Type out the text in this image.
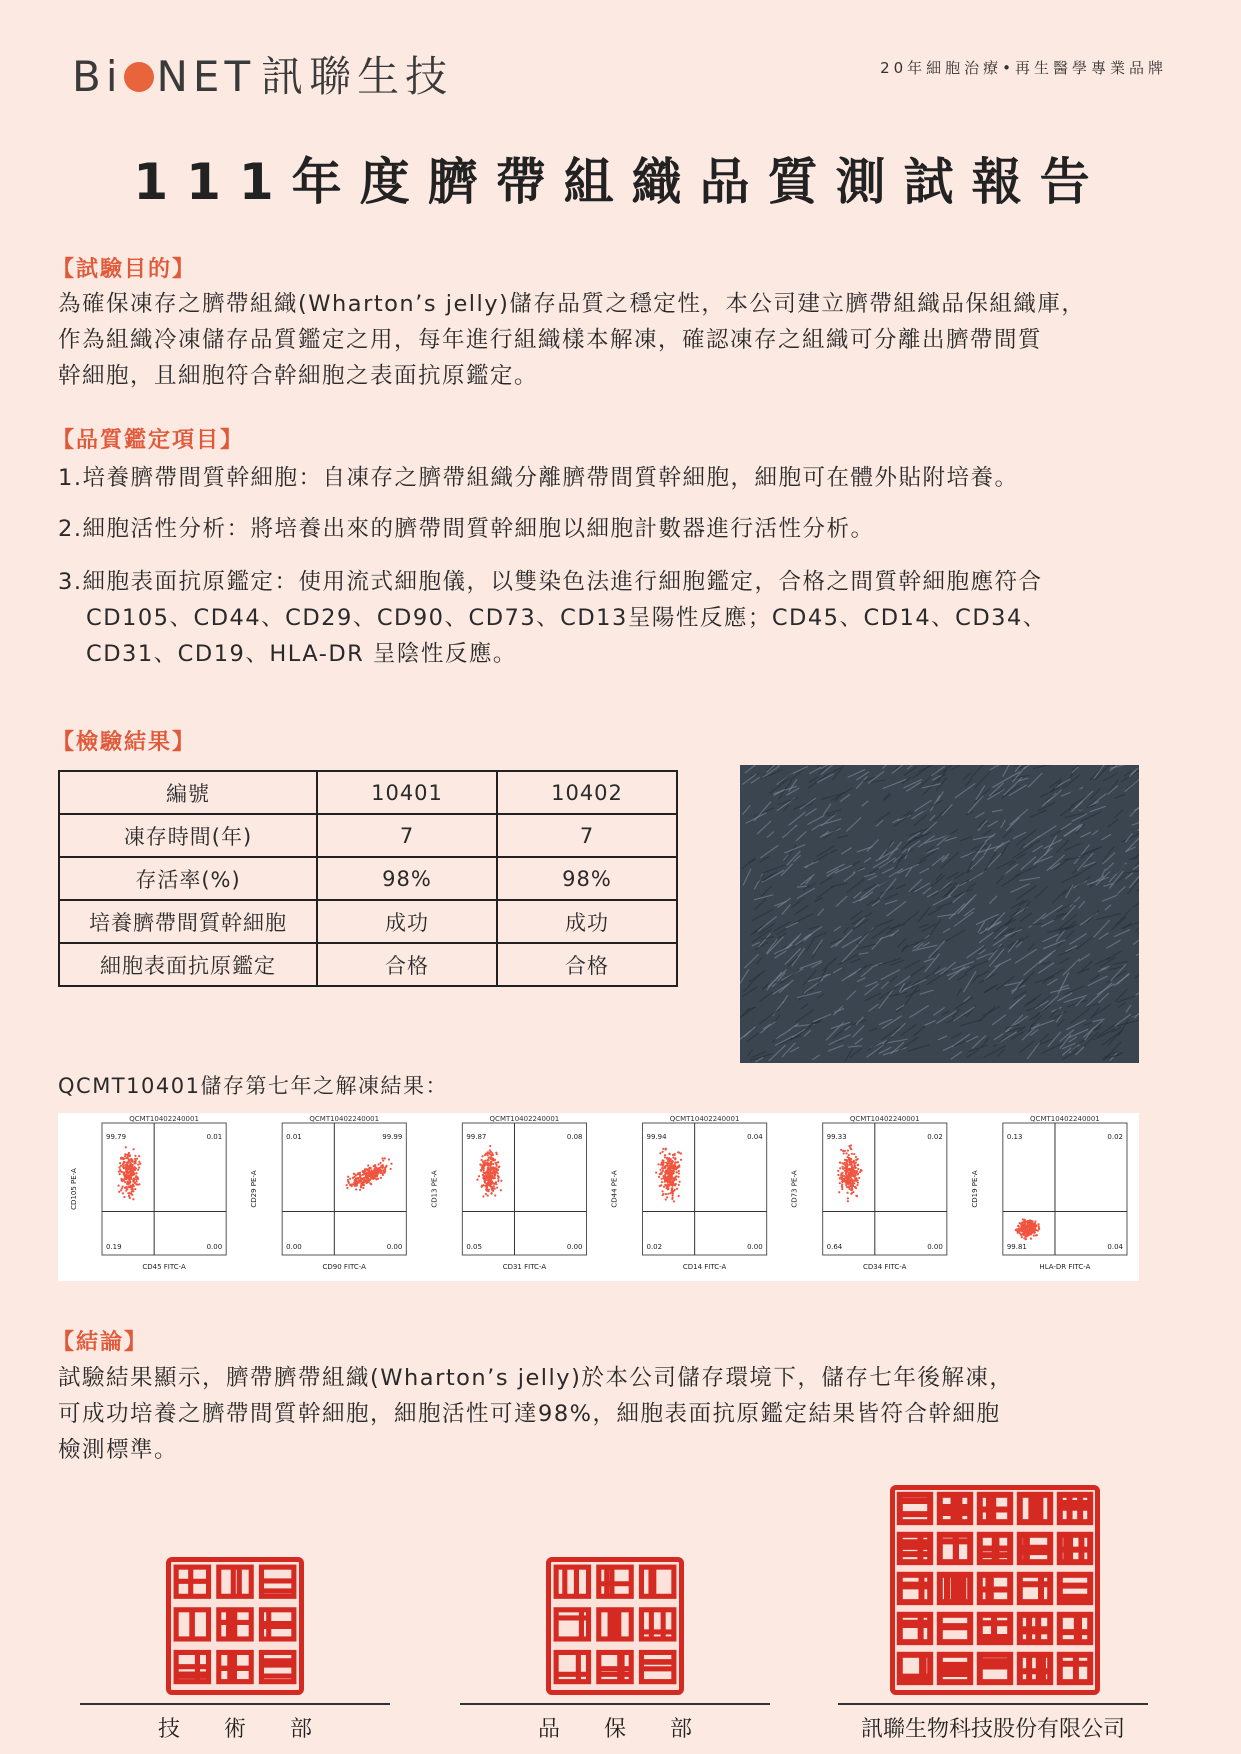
Bi NET 訊聯生技	20年細胞治療•再生醫學專業品牌
111年度臍帶組織品質測試報告
【試驗目的】
為確保凍存之臍帶組織(Wharton’s jelly)儲存品質之穩定性，本公司建立臍帶組織品保組織庫，
作為組織冷凍儲存品質鑑定之用，每年進行組織樣本解凍，確認凍存之組織可分離出臍帶間質
幹細胞，且細胞符合幹細胞之表面抗原鑑定。
【品質鑑定項目】
1.培養臍帶間質幹細胞：自凍存之臍帶組織分離臍帶間質幹細胞，細胞可在體外貼附培養。
2.細胞活性分析：將培養出來的臍帶間質幹細胞以細胞計數器進行活性分析。
3.細胞表面抗原鑑定：使用流式細胞儀，以雙染色法進行細胞鑑定，合格之間質幹細胞應符合
CD105、CD44、CD29、CD90、CD73、CD13呈陽性反應；CD45、CD14、CD34、
CD31、CD19、HLA-DR 呈陰性反應。
【檢驗結果】
編號	10401	10402
凍存時間(年)	7	7
存活率(%)	98%	98%
培養臍帶間質幹細胞	成功	成功
細胞表面抗原鑑定	合格	合格
QCMT10401儲存第七年之解凍結果：
QCMT10402240001
99.79	0.01
0.19	0.00
CD45 FITC-A
CD105 PE-A
QCMT10402240001
0.01	99.99
0.00	0.00
CD90 FITC-A
CD29 PE-A
QCMT10402240001
99.87	0.08
0.05	0.00
CD31 FITC-A
CD13 PE-A
QCMT10402240001
99.94	0.04
0.02	0.00
CD14 FITC-A
CD44 PE-A
QCMT10402240001
99.33	0.02
0.64	0.00
CD34 FITC-A
CD73 PE-A
QCMT10402240001
0.13	0.02
99.81	0.04
HLA-DR FITC-A
CD19 PE-A
【結論】
試驗結果顯示，臍帶臍帶組織(Wharton’s jelly)於本公司儲存環境下，儲存七年後解凍，
可成功培養之臍帶間質幹細胞，細胞活性可達98%，細胞表面抗原鑑定結果皆符合幹細胞
檢測標準。
技　　術　　部	品　　保　　部	訊聯生物科技股份有限公司
